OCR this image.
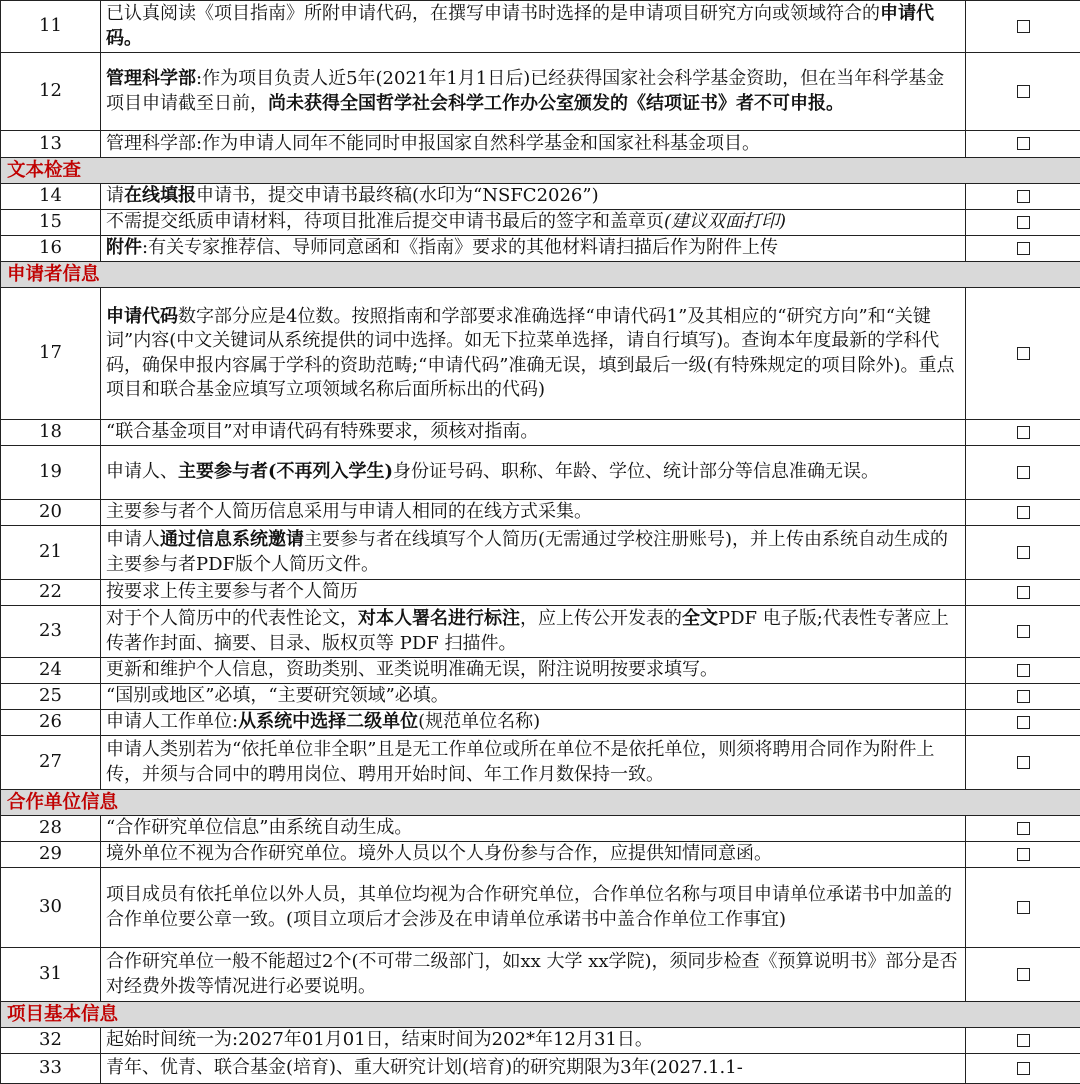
11	已认真阅读《项目指南》所附申请代码，在撰写申请书时选择的是申请项目研究方向或领域符合的申请代码。	
12	管理科学部:作为项目负责人近5年(2021年1月1日后)已经获得国家社会科学基金资助，但在当年科学基金项目申请截至日前，尚未获得全国哲学社会科学工作办公室颁发的《结项证书》者不可申报。	
13	管理科学部:作为申请人同年不能同时申报国家自然科学基金和国家社科基金项目。	
文本检查		
14	请在线填报申请书，提交申请书最终稿(水印为“NSFC2026”)	
15	不需提交纸质申请材料，待项目批准后提交申请书最后的签字和盖章页(建议双面打印)	
16	附件:有关专家推荐信、导师同意函和《指南》要求的其他材料请扫描后作为附件上传	
申请者信息		
17	申请代码数字部分应是4位数。按照指南和学部要求准确选择“申请代码1”及其相应的“研究方向”和“关键词”内容(中文关键词从系统提供的词中选择。如无下拉菜单选择，请自行填写)。查询本年度最新的学科代码，确保申报内容属于学科的资助范畴;“申请代码”准确无误，填到最后一级(有特殊规定的项目除外)。重点项目和联合基金应填写立项领域名称后面所标出的代码)	
18	“联合基金项目”对申请代码有特殊要求，须核对指南。	
19	申请人、主要参与者(不再列入学生)身份证号码、职称、年龄、学位、统计部分等信息准确无误。	
20	主要参与者个人简历信息采用与申请人相同的在线方式采集。	
21	申请人通过信息系统邀请主要参与者在线填写个人简历(无需通过学校注册账号)，并上传由系统自动生成的主要参与者PDF版个人简历文件。	
22	按要求上传主要参与者个人简历	
23	对于个人简历中的代表性论文，对本人署名进行标注，应上传公开发表的全文PDF 电子版;代表性专著应上传著作封面、摘要、目录、版权页等 PDF 扫描件。	
24	更新和维护个人信息，资助类别、亚类说明准确无误，附注说明按要求填写。	
25	“国别或地区”必填，“主要研究领域”必填。	
26	申请人工作单位:从系统中选择二级单位(规范单位名称)	
27	申请人类别若为“依托单位非全职”且是无工作单位或所在单位不是依托单位，则须将聘用合同作为附件上传，并须与合同中的聘用岗位、聘用开始时间、年工作月数保持一致。	
合作单位信息		
28	“合作研究单位信息”由系统自动生成。	
29	境外单位不视为合作研究单位。境外人员以个人身份参与合作，应提供知情同意函。	
30	项目成员有依托单位以外人员，其单位均视为合作研究单位，合作单位名称与项目申请单位承诺书中加盖的合作单位要公章一致。(项目立项后才会涉及在申请单位承诺书中盖合作单位工作事宜)	
31	合作研究单位一般不能超过2个(不可带二级部门，如xx 大学 xx学院)，须同步检查《预算说明书》部分是否对经费外拨等情况进行必要说明。	
项目基本信息		
32	起始时间统一为:2027年01月01日，结束时间为202*年12月31日。	
33	青年、优青、联合基金(培育)、重大研究计划(培育)的研究期限为3年(2027.1.1-	
